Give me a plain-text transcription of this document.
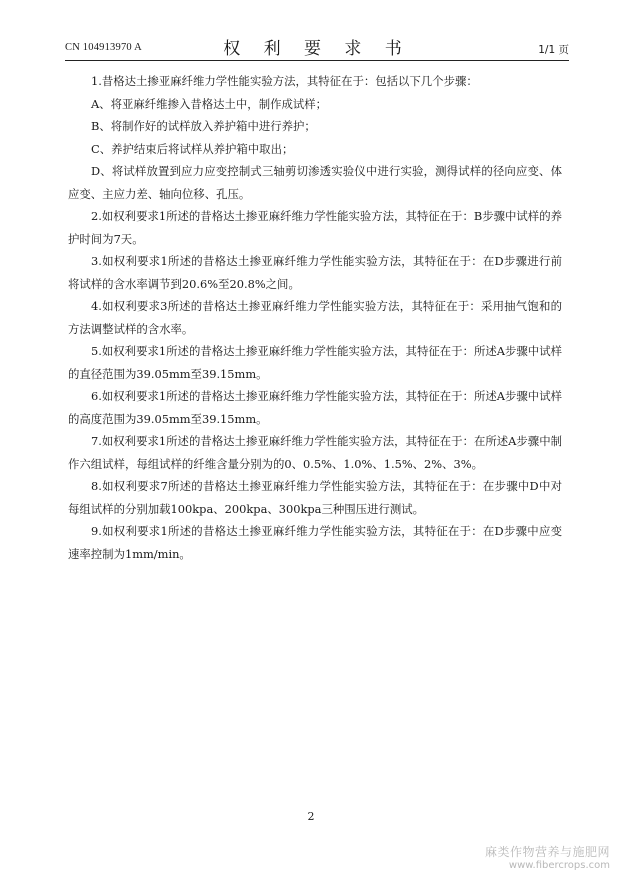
CN 104913970 A	权 利 要 求 书	1/1 页

1.昔格达土掺亚麻纤维力学性能实验方法，其特征在于：包括以下几个步骤：

A、将亚麻纤维掺入昔格达土中，制作成试样；

B、将制作好的试样放入养护箱中进行养护；

C、养护结束后将试样从养护箱中取出；

D、将试样放置到应力应变控制式三轴剪切渗透实验仪中进行实验，测得试样的径向应变、体应变、主应力差、轴向位移、孔压。

2.如权利要求1所述的昔格达土掺亚麻纤维力学性能实验方法，其特征在于：B步骤中试样的养护时间为7天。

3.如权利要求1所述的昔格达土掺亚麻纤维力学性能实验方法，其特征在于：在D步骤进行前将试样的含水率调节到20.6%至20.8%之间。

4.如权利要求3所述的昔格达土掺亚麻纤维力学性能实验方法，其特征在于：采用抽气饱和的方法调整试样的含水率。

5.如权利要求1所述的昔格达土掺亚麻纤维力学性能实验方法，其特征在于：所述A步骤中试样的直径范围为39.05mm至39.15mm。

6.如权利要求1所述的昔格达土掺亚麻纤维力学性能实验方法，其特征在于：所述A步骤中试样的高度范围为39.05mm至39.15mm。

7.如权利要求1所述的昔格达土掺亚麻纤维力学性能实验方法，其特征在于：在所述A步骤中制作六组试样，每组试样的纤维含量分别为的0、0.5%、1.0%、1.5%、2%、3%。

8.如权利要求7所述的昔格达土掺亚麻纤维力学性能实验方法，其特征在于：在步骤中D中对每组试样的分别加载100kpa、200kpa、300kpa三种围压进行测试。

9.如权利要求1所述的昔格达土掺亚麻纤维力学性能实验方法，其特征在于：在D步骤中应变速率控制为1mm/min。

2
麻类作物营养与施肥网
www.fibercrops.com
